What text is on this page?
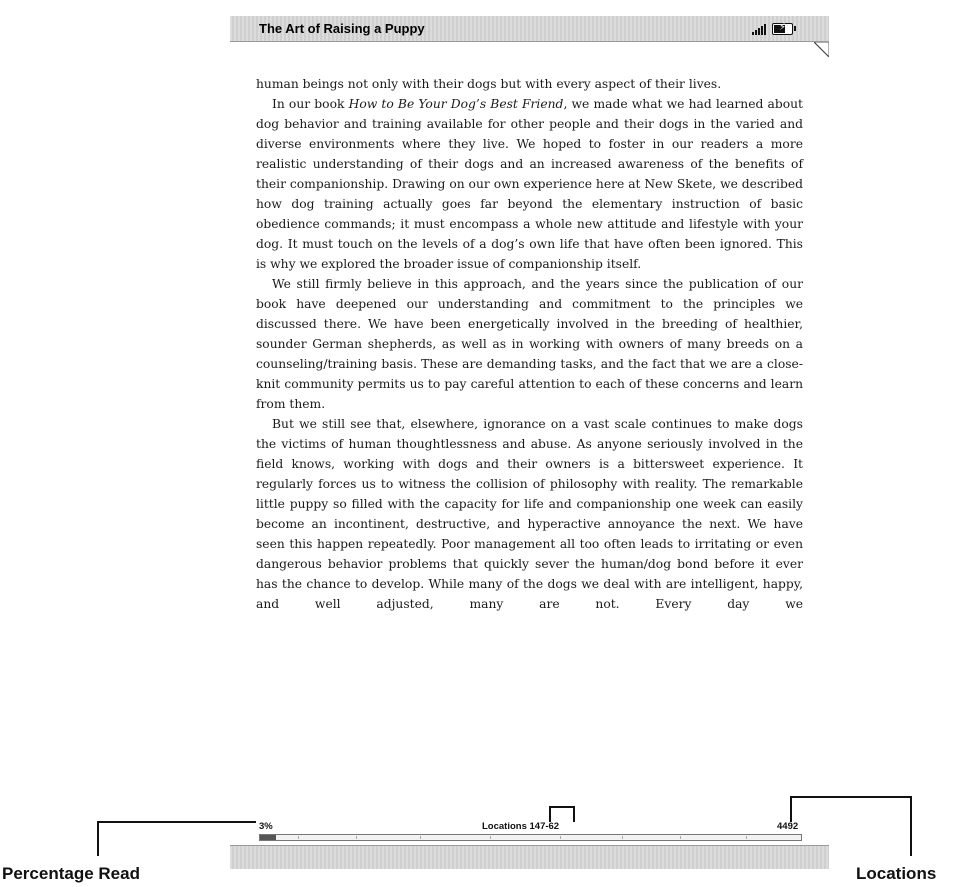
The Art of Raising a Puppy	⚡

human beings not only with their dogs but with every aspect of their lives.

In our book How to Be Your Dog’s Best Friend, we made what we had learned about dog behavior and training available for other people and their dogs in the varied and diverse environments where they live. We hoped to foster in our readers a more realistic understanding of their dogs and an increased awareness of the benefits of their companionship. Drawing on our own experience here at New Skete, we described how dog training actually goes far beyond the elementary instruction of basic obedience commands; it must encompass a whole new attitude and lifestyle with your dog. It must touch on the levels of a dog’s own life that have often been ignored. This is why we explored the broader issue of companionship itself.

We still firmly believe in this approach, and the years since the publication of our book have deepened our understanding and commitment to the principles we discussed there. We have been energetically involved in the breeding of healthier, sounder German shepherds, as well as in working with owners of many breeds on a counseling/training basis. These are demanding tasks, and the fact that we are a close-knit community permits us to pay careful attention to each of these concerns and learn from them.

But we still see that, elsewhere, ignorance on a vast scale continues to make dogs the victims of human thoughtlessness and abuse. As anyone seriously involved in the field knows, working with dogs and their owners is a bittersweet experience. It regularly forces us to witness the collision of philosophy with reality. The remarkable little puppy so filled with the capacity for life and companionship one week can easily become an incontinent, destructive, and hyperactive annoyance the next. We have seen this happen repeatedly. Poor management all too often leads to irritating or even dangerous behavior problems that quickly sever the human/dog bond before it ever has the chance to develop. While many of the dogs we deal with are intelligent, happy, and well adjusted, many are not. Every day we

3%	Locations 147-62	4492
Percentage Read	Locations
